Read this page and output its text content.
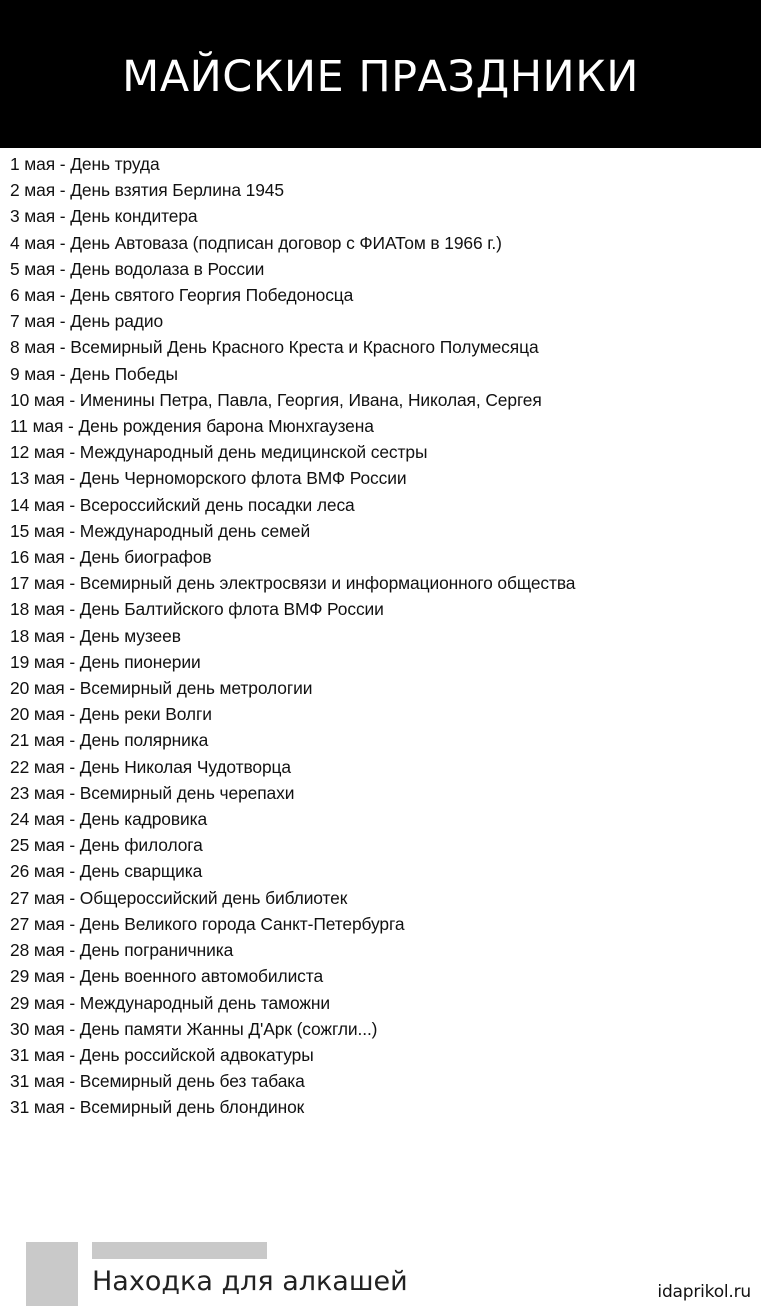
МАЙСКИЕ ПРАЗДНИКИ
1 мая - День труда
2 мая - День взятия Берлина 1945
3 мая - День кондитера
4 мая - День Автоваза (подписан договор с ФИАТом в 1966 г.)
5 мая - День водолаза в России
6 мая - День святого Георгия Победоносца
7 мая - День радио
8 мая - Всемирный День Красного Креста и Красного Полумесяца
9 мая - День Победы
10 мая - Именины Петра, Павла, Георгия, Ивана, Николая, Сергея
11 мая - День рождения барона Мюнхгаузена
12 мая - Международный день медицинской сестры
13 мая - День Черноморского флота ВМФ России
14 мая - Всероссийский день посадки леса
15 мая - Международный день семей
16 мая - День биографов
17 мая - Всемирный день электросвязи и информационного общества
18 мая - День Балтийского флота ВМФ России
18 мая - День музеев
19 мая - День пионерии
20 мая - Всемирный день метрологии
20 мая - День реки Волги
21 мая - День полярника
22 мая - День Николая Чудотворца
23 мая - Всемирный день черепахи
24 мая - День кадровика
25 мая - День филолога
26 мая - День сварщика
27 мая - Общероссийский день библиотек
27 мая - День Великого города Санкт-Петербурга
28 мая - День пограничника
29 мая - День военного автомобилиста
29 мая - Международный день таможни
30 мая - День памяти Жанны Д'Арк (сожгли...)
31 мая - День российской адвокатуры
31 мая - Всемирный день без табака
31 мая - Всемирный день блондинок
Находка для алкашей	idaprikol.ru
